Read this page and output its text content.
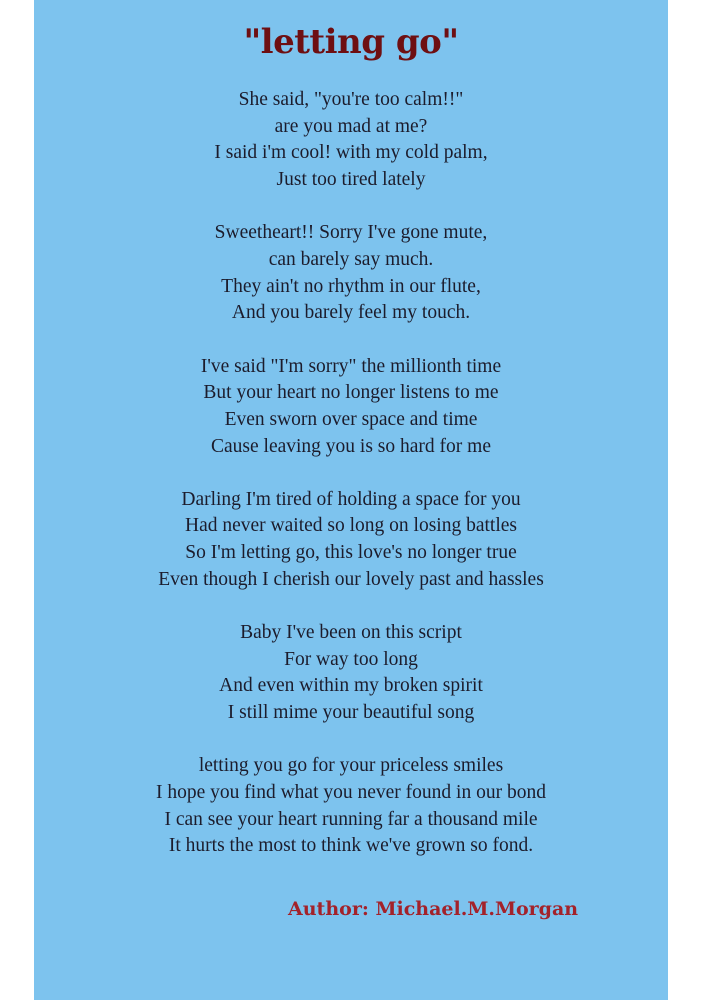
"letting go"
She said, "you're too calm!!"
are you mad at me?
I said i'm cool! with my cold palm,
Just too tired lately
Sweetheart!! Sorry I've gone mute,
can barely say much.
They ain't no rhythm in our flute,
And you barely feel my touch.
I've said "I'm sorry" the millionth time
But your heart no longer listens to me
Even sworn over space and time
Cause leaving you is so hard for me
Darling I'm tired of holding a space for you
Had never waited so long on losing battles
So I'm letting go, this love's no longer true
Even though I cherish our lovely past and hassles
Baby I've been on this script
For way too long
And even within my broken spirit
I still mime your beautiful song
letting you go for your priceless smiles
I hope you find what you never found in our bond
I can see your heart running far a thousand mile
It hurts the most to think we've grown so fond.

Author: Michael.M.Morgan
